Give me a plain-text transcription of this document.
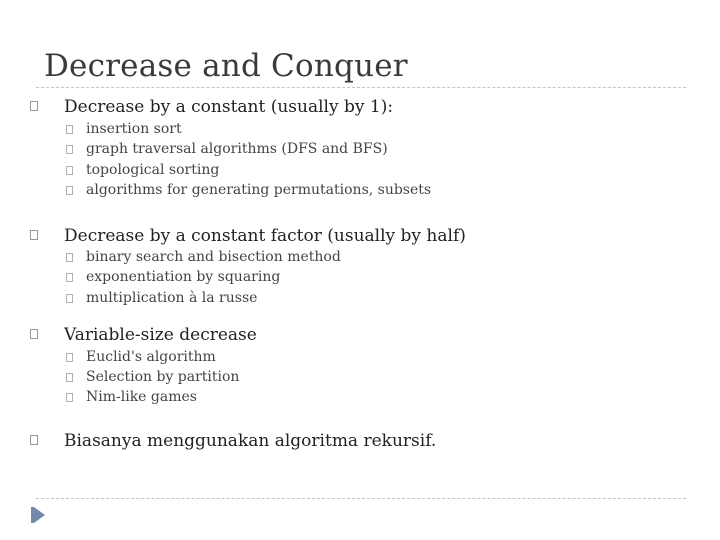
Decrease and Conquer
Decrease by a constant (usually by 1):
insertion sort
graph traversal algorithms (DFS and BFS)
topological sorting
algorithms for generating permutations, subsets
Decrease by a constant factor (usually by half)
binary search and bisection method
exponentiation by squaring
multiplication à la russe
Variable-size decrease
Euclid's algorithm
Selection by partition
Nim-like games
Biasanya menggunakan algoritma rekursif.
